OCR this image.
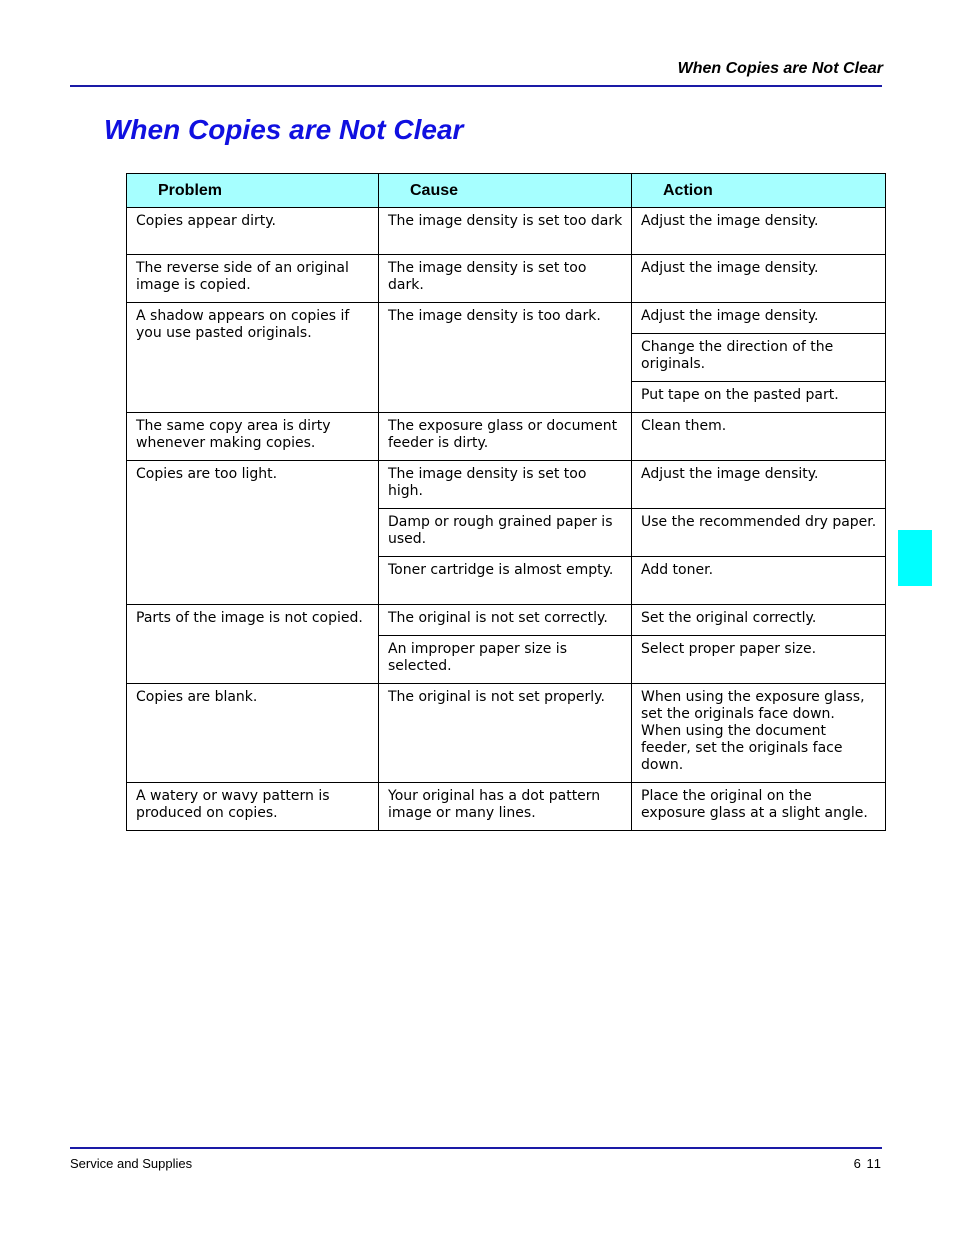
When Copies are Not Clear
When Copies are Not Clear
Problem	Cause	Action
Copies appear dirty.	The image density is set too dark	Adjust the image density.
The reverse side of an original image is copied.	The image density is set too dark.	Adjust the image density.
A shadow appears on copies if you use pasted originals.	The image density is too dark.	Adjust the image density.
		Change the direction of the originals.
		Put tape on the pasted part.
The same copy area is dirty whenever making copies.	The exposure glass or document feeder is dirty.	Clean them.
Copies are too light.	The image density is set too high.	Adjust the image density.
	Damp or rough grained paper is used.	Use the recommended dry paper.
	Toner cartridge is almost empty.	Add toner.
Parts of the image is not copied.	The original is not set correctly.	Set the original correctly.
	An improper paper size is selected.	Select proper paper size.
Copies are blank.	The original is not set properly.	When using the exposure glass, set the originals face down. When using the document feeder, set the originals face down.
A watery or wavy pattern is produced on copies.	Your original has a dot pattern image or many lines.	Place the original on the exposure glass at a slight angle.
Service and Supplies	6 11
